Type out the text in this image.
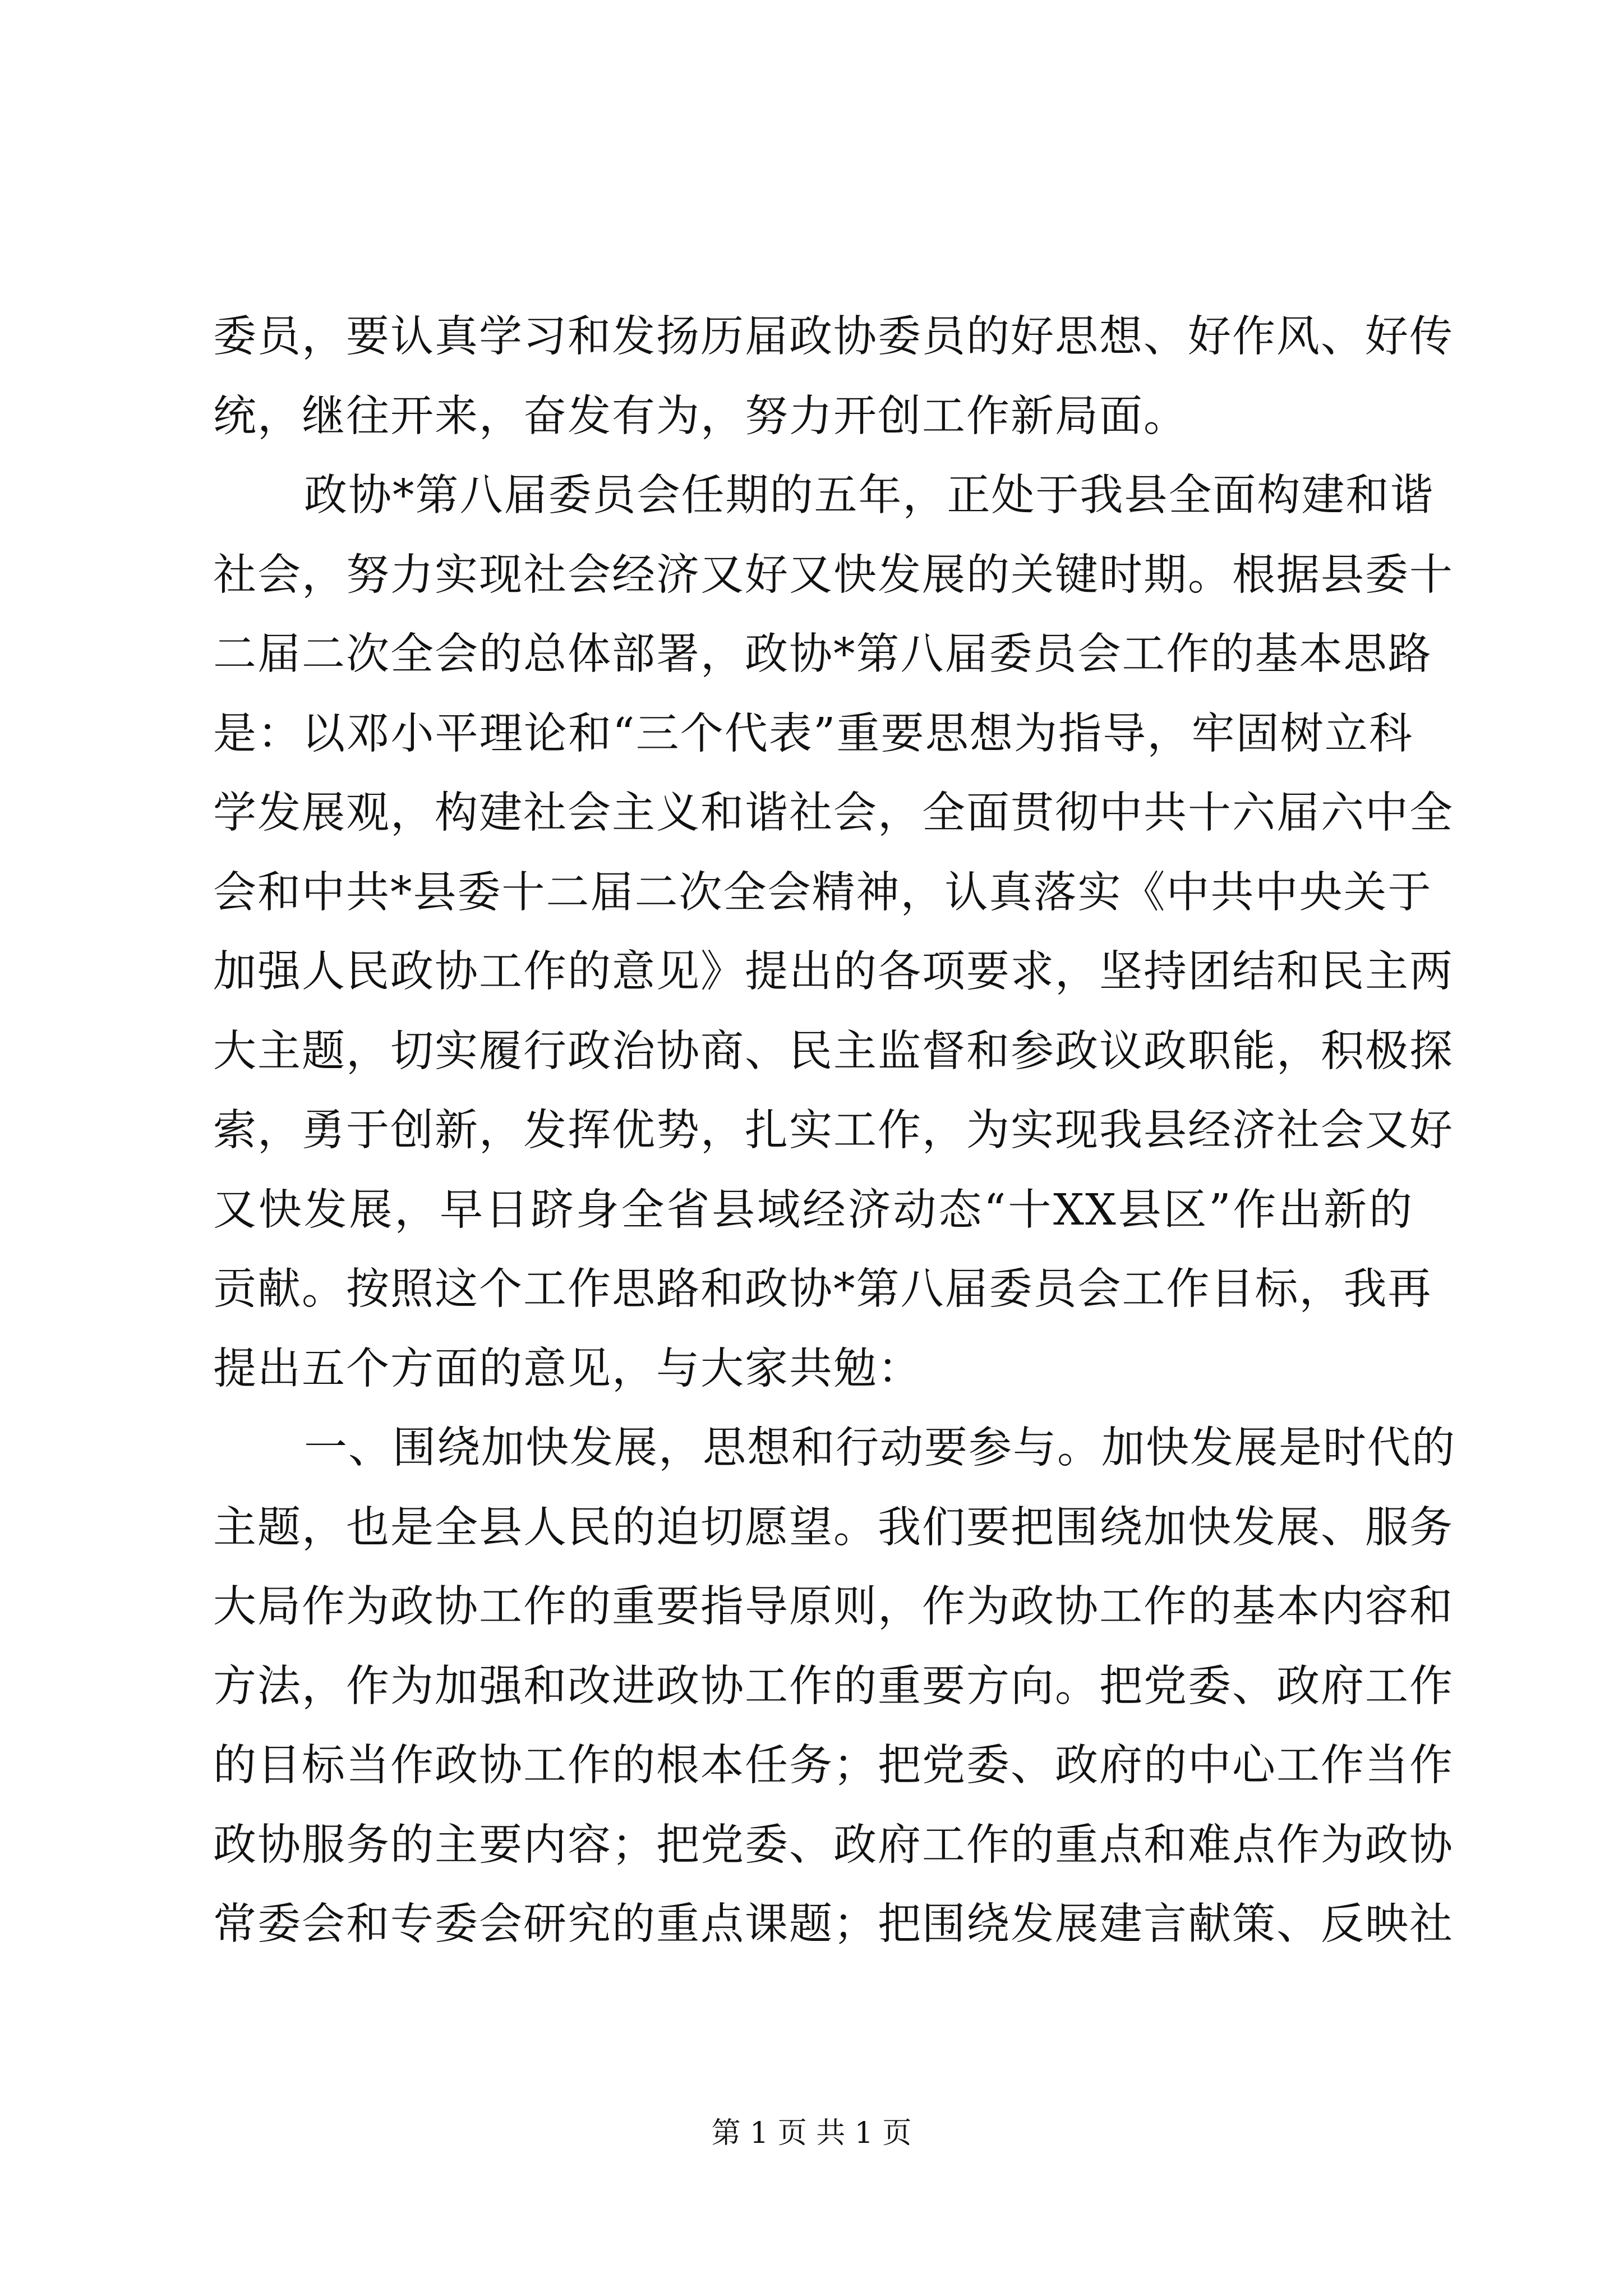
委员，要认真学习和发扬历届政协委员的好思想、好作风、好传
统，继往开来，奋发有为，努力开创工作新局面。
政协*第八届委员会任期的五年，正处于我县全面构建和谐
社会，努力实现社会经济又好又快发展的关键时期。根据县委十
二届二次全会的总体部署，政协*第八届委员会工作的基本思路
是：以邓小平理论和“三个代表”重要思想为指导，牢固树立科
学发展观，构建社会主义和谐社会，全面贯彻中共十六届六中全
会和中共*县委十二届二次全会精神，认真落实《中共中央关于
加强人民政协工作的意见》提出的各项要求，坚持团结和民主两
大主题，切实履行政治协商、民主监督和参政议政职能，积极探
索，勇于创新，发挥优势，扎实工作，为实现我县经济社会又好
又快发展，早日跻身全省县域经济动态“十XX县区”作出新的
贡献。按照这个工作思路和政协*第八届委员会工作目标，我再
提出五个方面的意见，与大家共勉：
一、围绕加快发展，思想和行动要参与。加快发展是时代的
主题，也是全县人民的迫切愿望。我们要把围绕加快发展、服务
大局作为政协工作的重要指导原则，作为政协工作的基本内容和
方法，作为加强和改进政协工作的重要方向。把党委、政府工作
的目标当作政协工作的根本任务；把党委、政府的中心工作当作
政协服务的主要内容；把党委、政府工作的重点和难点作为政协
常委会和专委会研究的重点课题；把围绕发展建言献策、反映社
第 1 页 共 1 页
